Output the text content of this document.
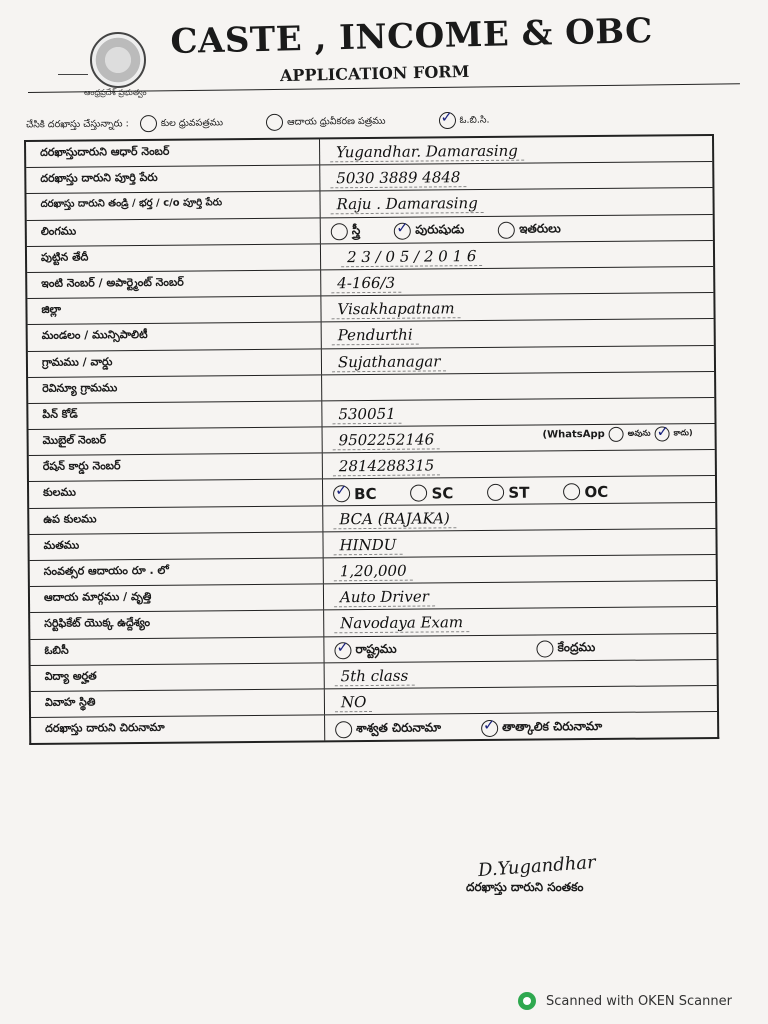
ఆంధ్రప్రదేశ్ ప్రభుత్వం
CASTE , INCOME & OBC
APPLICATION FORM
చేసికి దరఖాస్తు చేస్తున్నారు :	కుల ధ్రువపత్రము	ఆదాయ ధ్రువీకరణ పత్రము ✓	ఓ.బి.సి.
దరఖాస్తుదారుని ఆధార్ నెంబర్	Yugandhar. Damarasing
దరఖాస్తు దారుని పూర్తి పేరు	5030 3889 4848
దరఖాస్తు దారుని తండ్రి / భర్త / c/o పూర్తి పేరు	Raju . Damarasing
లింగము	స్త్రీ ✓	పురుషుడు	ఇతరులు
పుట్టిన తేదీ	2 3 / 0 5 / 2 0 1 6
ఇంటి నెంబర్ / అపార్ట్మెంట్ నెంబర్	4-166/3
జిల్లా	Visakhapatnam
మండలం / మున్సిపాలిటీ	Pendurthi
గ్రామము / వార్డు	Sujathanagar
రెవిన్యూ గ్రామము
పిన్ కోడ్	530051
మొబైల్ నెంబర్	9502252146	(WhatsApp	అవును ✓	కాదు)
రేషన్ కార్డు నెంబర్	2814288315
కులము ✓	BC	SC	ST	OC
ఉప కులము	BCA (RAJAKA)
మతము	HINDU
సంవత్సర ఆదాయం రూ . లో	1,20,000
ఆదాయ మార్గము / వృత్తి	Auto Driver
సర్టిఫికేట్ యొక్క ఉద్దేశ్యం	Navodaya Exam
ఓబిసీ ✓	రాష్ట్రము	కేంద్రము
విద్యా అర్హత	5th class
వివాహ స్థితి	NO
దరఖాస్తు దారుని చిరునామా	శాశ్వత చిరునామా ✓	తాత్కాలిక చిరునామా
D.Yugandhar
దరఖాస్తు దారుని సంతకం
Scanned with OKEN Scanner
